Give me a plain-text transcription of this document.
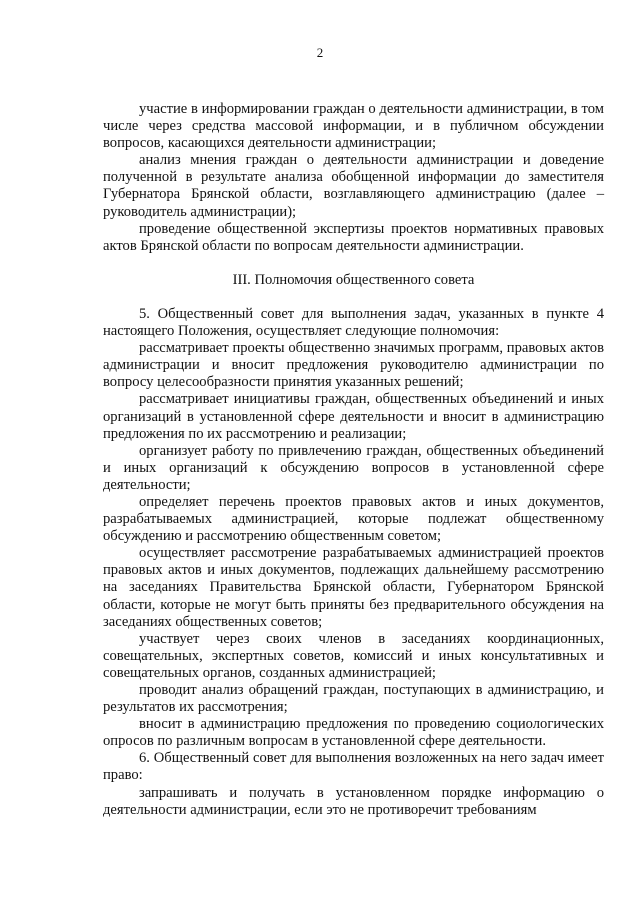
2

участие в информировании граждан о деятельности администрации, в том числе через средства массовой информации, и в публичном обсуждении вопросов, касающихся деятельности администрации;

анализ мнения граждан о деятельности администрации и доведение полученной в результате анализа обобщенной информации до заместителя Губернатора Брянской области, возглавляющего администрацию (далее – руководитель администрации);

проведение общественной экспертизы проектов нормативных правовых актов Брянской области по вопросам деятельности администрации.

III. Полномочия общественного совета

5. Общественный совет для выполнения задач, указанных в пункте 4 настоящего Положения, осуществляет следующие полномочия:

рассматривает проекты общественно значимых программ, правовых актов администрации и вносит предложения руководителю администрации по вопросу целесообразности принятия указанных решений;

рассматривает инициативы граждан, общественных объединений и иных организаций в установленной сфере деятельности и вносит в администрацию предложения по их рассмотрению и реализации;

организует работу по привлечению граждан, общественных объединений и иных организаций к обсуждению вопросов в установленной сфере деятельности;

определяет перечень проектов правовых актов и иных документов, разрабатываемых администрацией, которые подлежат общественному обсуждению и рассмотрению общественным советом;

осуществляет рассмотрение разрабатываемых администрацией проектов правовых актов и иных документов, подлежащих дальнейшему рассмотрению на заседаниях Правительства Брянской области, Губернатором Брянской области, которые не могут быть приняты без предварительного обсуждения на заседаниях общественных советов;

участвует через своих членов в заседаниях координационных, совещательных, экспертных советов, комиссий и иных консультативных и совещательных органов, созданных администрацией;

проводит анализ обращений граждан, поступающих в администрацию, и результатов их рассмотрения;

вносит в администрацию предложения по проведению социологических опросов по различным вопросам в установленной сфере деятельности.

6. Общественный совет для выполнения возложенных на него задач имеет право:

запрашивать и получать в установленном порядке информацию о деятельности администрации, если это не противоречит требованиям
